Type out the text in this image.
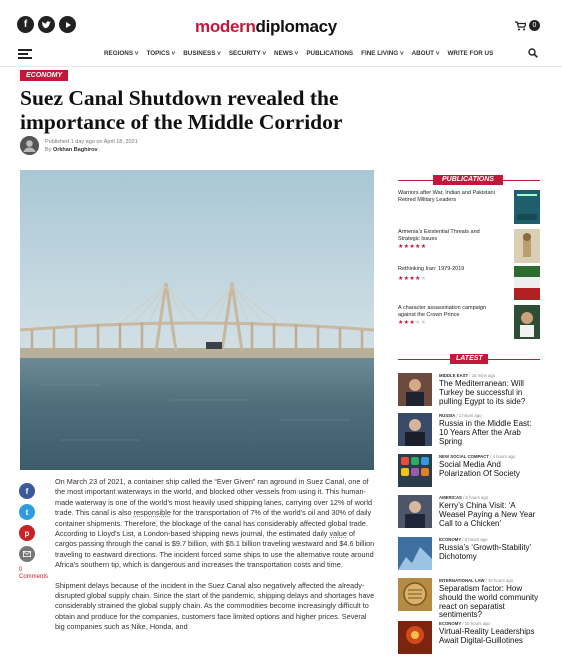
f	moderndiplomacy	0
REGIONS ˅ TOPICS ˅ BUSINESS ˅ SECURITY ˅ NEWS ˅ PUBLICATIONS FINE LIVING ˅ ABOUT ˅ WRITE FOR US
ECONOMY
Suez Canal Shutdown revealed the importance of the Middle Corridor
Published 1 day ago on April 18, 2021
By Orkhan Baghirov
f
t
p
0 Comments

On March 23 of 2021, a container ship called the “Ever Given” ran aground in Suez Canal, one of the most important waterways in the world, and blocked other vessels from using it. This human-made waterway is one of the world’s most heavily used shipping lanes, carrying over 12% of world trade. This canal is also responsible for the transportation of 7% of the world’s oil and 30% of daily container shipments. Therefore, the blockage of the canal has considerably affected global trade. According to Lloyd’s List, a London-based shipping news journal, the estimated daily value of cargos passing through the canal is $9.7 billion, with $5.1 billion traveling westward and $4.6 billion traveling to eastward directions. The incident forced some ships to use the alternative route around Africa’s southern tip, which is dangerous and increases the transportation costs and time.

Shipment delays because of the incident in the Suez Canal also negatively affected the already-disrupted global supply chain. Since the start of the pandemic, shipping delays and shortages have considerably strained the global supply chain. As the commodities become increasingly difficult to obtain and produce for the companies, customers face limited options and higher prices. Several big companies such as Nike, Honda, and

PUBLICATIONS
Warriors after War, Indian and Pakistani Retired Military Leaders
Armenia’s Existential Threats and Strategic Issues
★★★★★
Rethinking Iran: 1979-2019
★★★★★
A character assassination campaign against the Crown Prince
★★★★★
LATEST
MIDDLE EAST / 15 mins ago
The Mediterranean: Will Turkey be successful in pulling Egypt to its side?
RUSSIA / 2 hours ago
Russia in the Middle East: 10 Years After the Arab Spring
NEW SOCIAL COMPACT / 4 hours ago
Social Media And Polarization Of Society
AMERICAS / 6 hours ago
Kerry’s China Visit: ‘A Weasel Paying a New Year Call to a Chicken’
ECONOMY / 8 hours ago
Russia’s ‘Growth-Stability’ Dichotomy
INTERNATIONAL LAW / 10 hours ago
Separatism factor: How should the world community react on separatist sentiments?
ECONOMY / 10 hours ago
Virtual-Reality Leaderships Await Digital-Guillotines
